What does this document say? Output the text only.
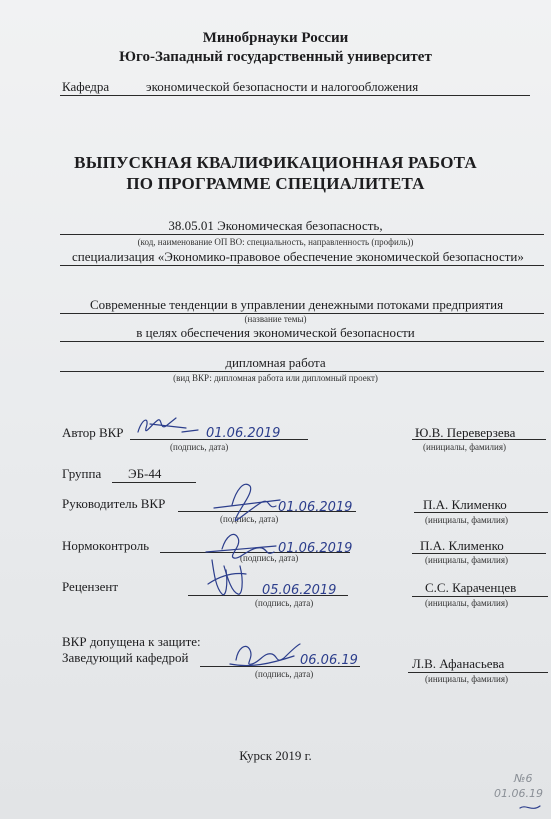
Минобрнауки России
Юго-Западный государственный университет
Кафедра	экономической безопасности и налогообложения
ВЫПУСКНАЯ КВАЛИФИКАЦИОННАЯ РАБОТА
ПО ПРОГРАММЕ СПЕЦИАЛИТЕТА
38.05.01 Экономическая безопасность,
(код, наименование ОП ВО: специальность, направленность (профиль))
специализация «Экономико-правовое обеспечение экономической безопасности»
Современные тенденции в управлении денежными потоками предприятия
(название темы)
в целях обеспечения экономической безопасности
дипломная работа
(вид ВКР: дипломная работа или дипломный проект)
Автор ВКР
(подпись, дата)
Ю.В. Переверзева
(инициалы, фамилия)
Группа ЭБ-44
Руководитель ВКР
(подпись, дата)
П.А. Клименко
(инициалы, фамилия)
Нормоконтроль
(подпись, дата)
П.А. Клименко
(инициалы, фамилия)
Рецензент
(подпись, дата)
С.С. Караченцев
(инициалы, фамилия)
ВКР допущена к защите:
Заведующий кафедрой
(подпись, дата)
Л.В. Афанасьева
(инициалы, фамилия)
Курск 2019 г.
01.06.2019
01.06.2019
01.06.2019
05.06.2019
06.06.19
№6
01.06.19
